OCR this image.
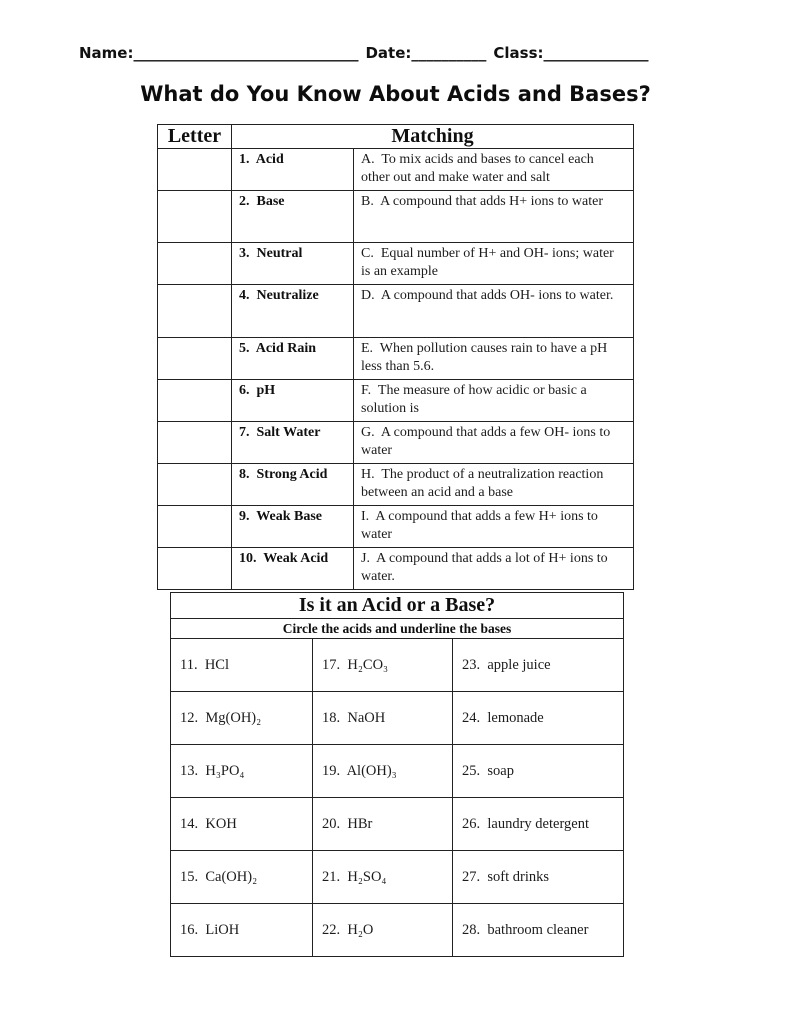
Name:______________________________ Date:__________ Class:______________
What do You Know About Acids and Bases?
Letter	Matching	
	1.  Acid	A.  To mix acids and bases to cancel each other out and make water and salt
	2.  Base	B.  A compound that adds H+ ions to water
	3.  Neutral	C.  Equal number of H+ and OH- ions; water is an example
	4.  Neutralize	D.  A compound that adds OH- ions to water.
	5.  Acid Rain	E.  When pollution causes rain to have a pH less than 5.6.
	6.  pH	F.  The measure of how acidic or basic a solution is
	7.  Salt Water	G.  A compound that adds a few OH- ions to water
	8.  Strong Acid	H.  The product of a neutralization reaction between an acid and a base
	9.  Weak Base	I.  A compound that adds a few H+ ions to water
	10.  Weak Acid	J.  A compound that adds a lot of H+ ions to water.
Is it an Acid or a Base?		
Circle the acids and underline the bases		
11.  HCl	17.  H₂CO₃	23.  apple juice
12.  Mg(OH)₂	18.  NaOH	24.  lemonade
13.  H₃PO₄	19.  Al(OH)₃	25.  soap
14.  KOH	20.  HBr	26.  laundry detergent
15.  Ca(OH)₂	21.  H₂SO₄	27.  soft drinks
16.  LiOH	22.  H₂O	28.  bathroom cleaner
